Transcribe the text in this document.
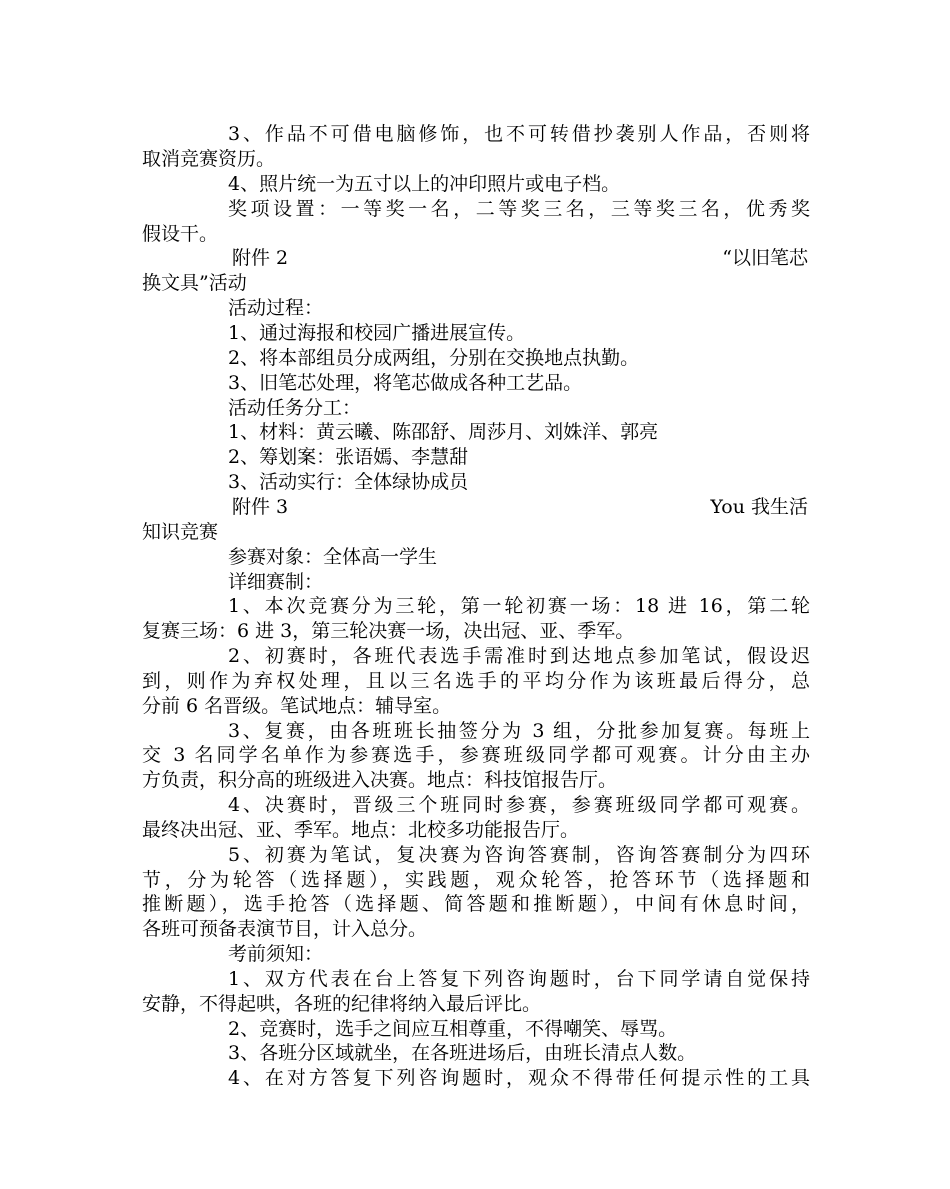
3、作品不可借电脑修饰，也不可转借抄袭别人作品，否则将
取消竞赛资历。
4、照片统一为五寸以上的冲印照片或电子档。
奖项设置：一等奖一名，二等奖三名，三等奖三名，优秀奖
假设干。
附件 2	“以旧笔芯
换文具”活动
活动过程：
1、通过海报和校园广播进展宣传。
2、将本部组员分成两组，分别在交换地点执勤。
3、旧笔芯处理，将笔芯做成各种工艺品。
活动任务分工：
1、材料：黄云曦、陈邵舒、周莎月、刘姝洋、郭亮
2、筹划案：张语嫣、李慧甜
3、活动实行：全体绿协成员
附件 3	You 我生活
知识竞赛
参赛对象：全体高一学生
详细赛制：
1、本次竞赛分为三轮，第一轮初赛一场：18 进 16，第二轮
复赛三场：6 进 3，第三轮决赛一场，决出冠、亚、季军。
2、初赛时，各班代表选手需准时到达地点参加笔试，假设迟
到，则作为弃权处理，且以三名选手的平均分作为该班最后得分，总
分前 6 名晋级。笔试地点：辅导室。
3、复赛，由各班班长抽签分为 3 组，分批参加复赛。每班上
交 3 名同学名单作为参赛选手，参赛班级同学都可观赛。计分由主办
方负责，积分高的班级进入决赛。地点：科技馆报告厅。
4、决赛时，晋级三个班同时参赛，参赛班级同学都可观赛。
最终决出冠、亚、季军。地点：北校多功能报告厅。
5、初赛为笔试，复决赛为咨询答赛制，咨询答赛制分为四环
节，分为轮答（选择题），实践题，观众轮答，抢答环节（选择题和
推断题），选手抢答（选择题、简答题和推断题），中间有休息时间，
各班可预备表演节目，计入总分。
考前须知：
1、双方代表在台上答复下列咨询题时，台下同学请自觉保持
安静，不得起哄，各班的纪律将纳入最后评比。
2、竞赛时，选手之间应互相尊重，不得嘲笑、辱骂。
3、各班分区域就坐，在各班进场后，由班长清点人数。
4、在对方答复下列咨询题时，观众不得带任何提示性的工具
